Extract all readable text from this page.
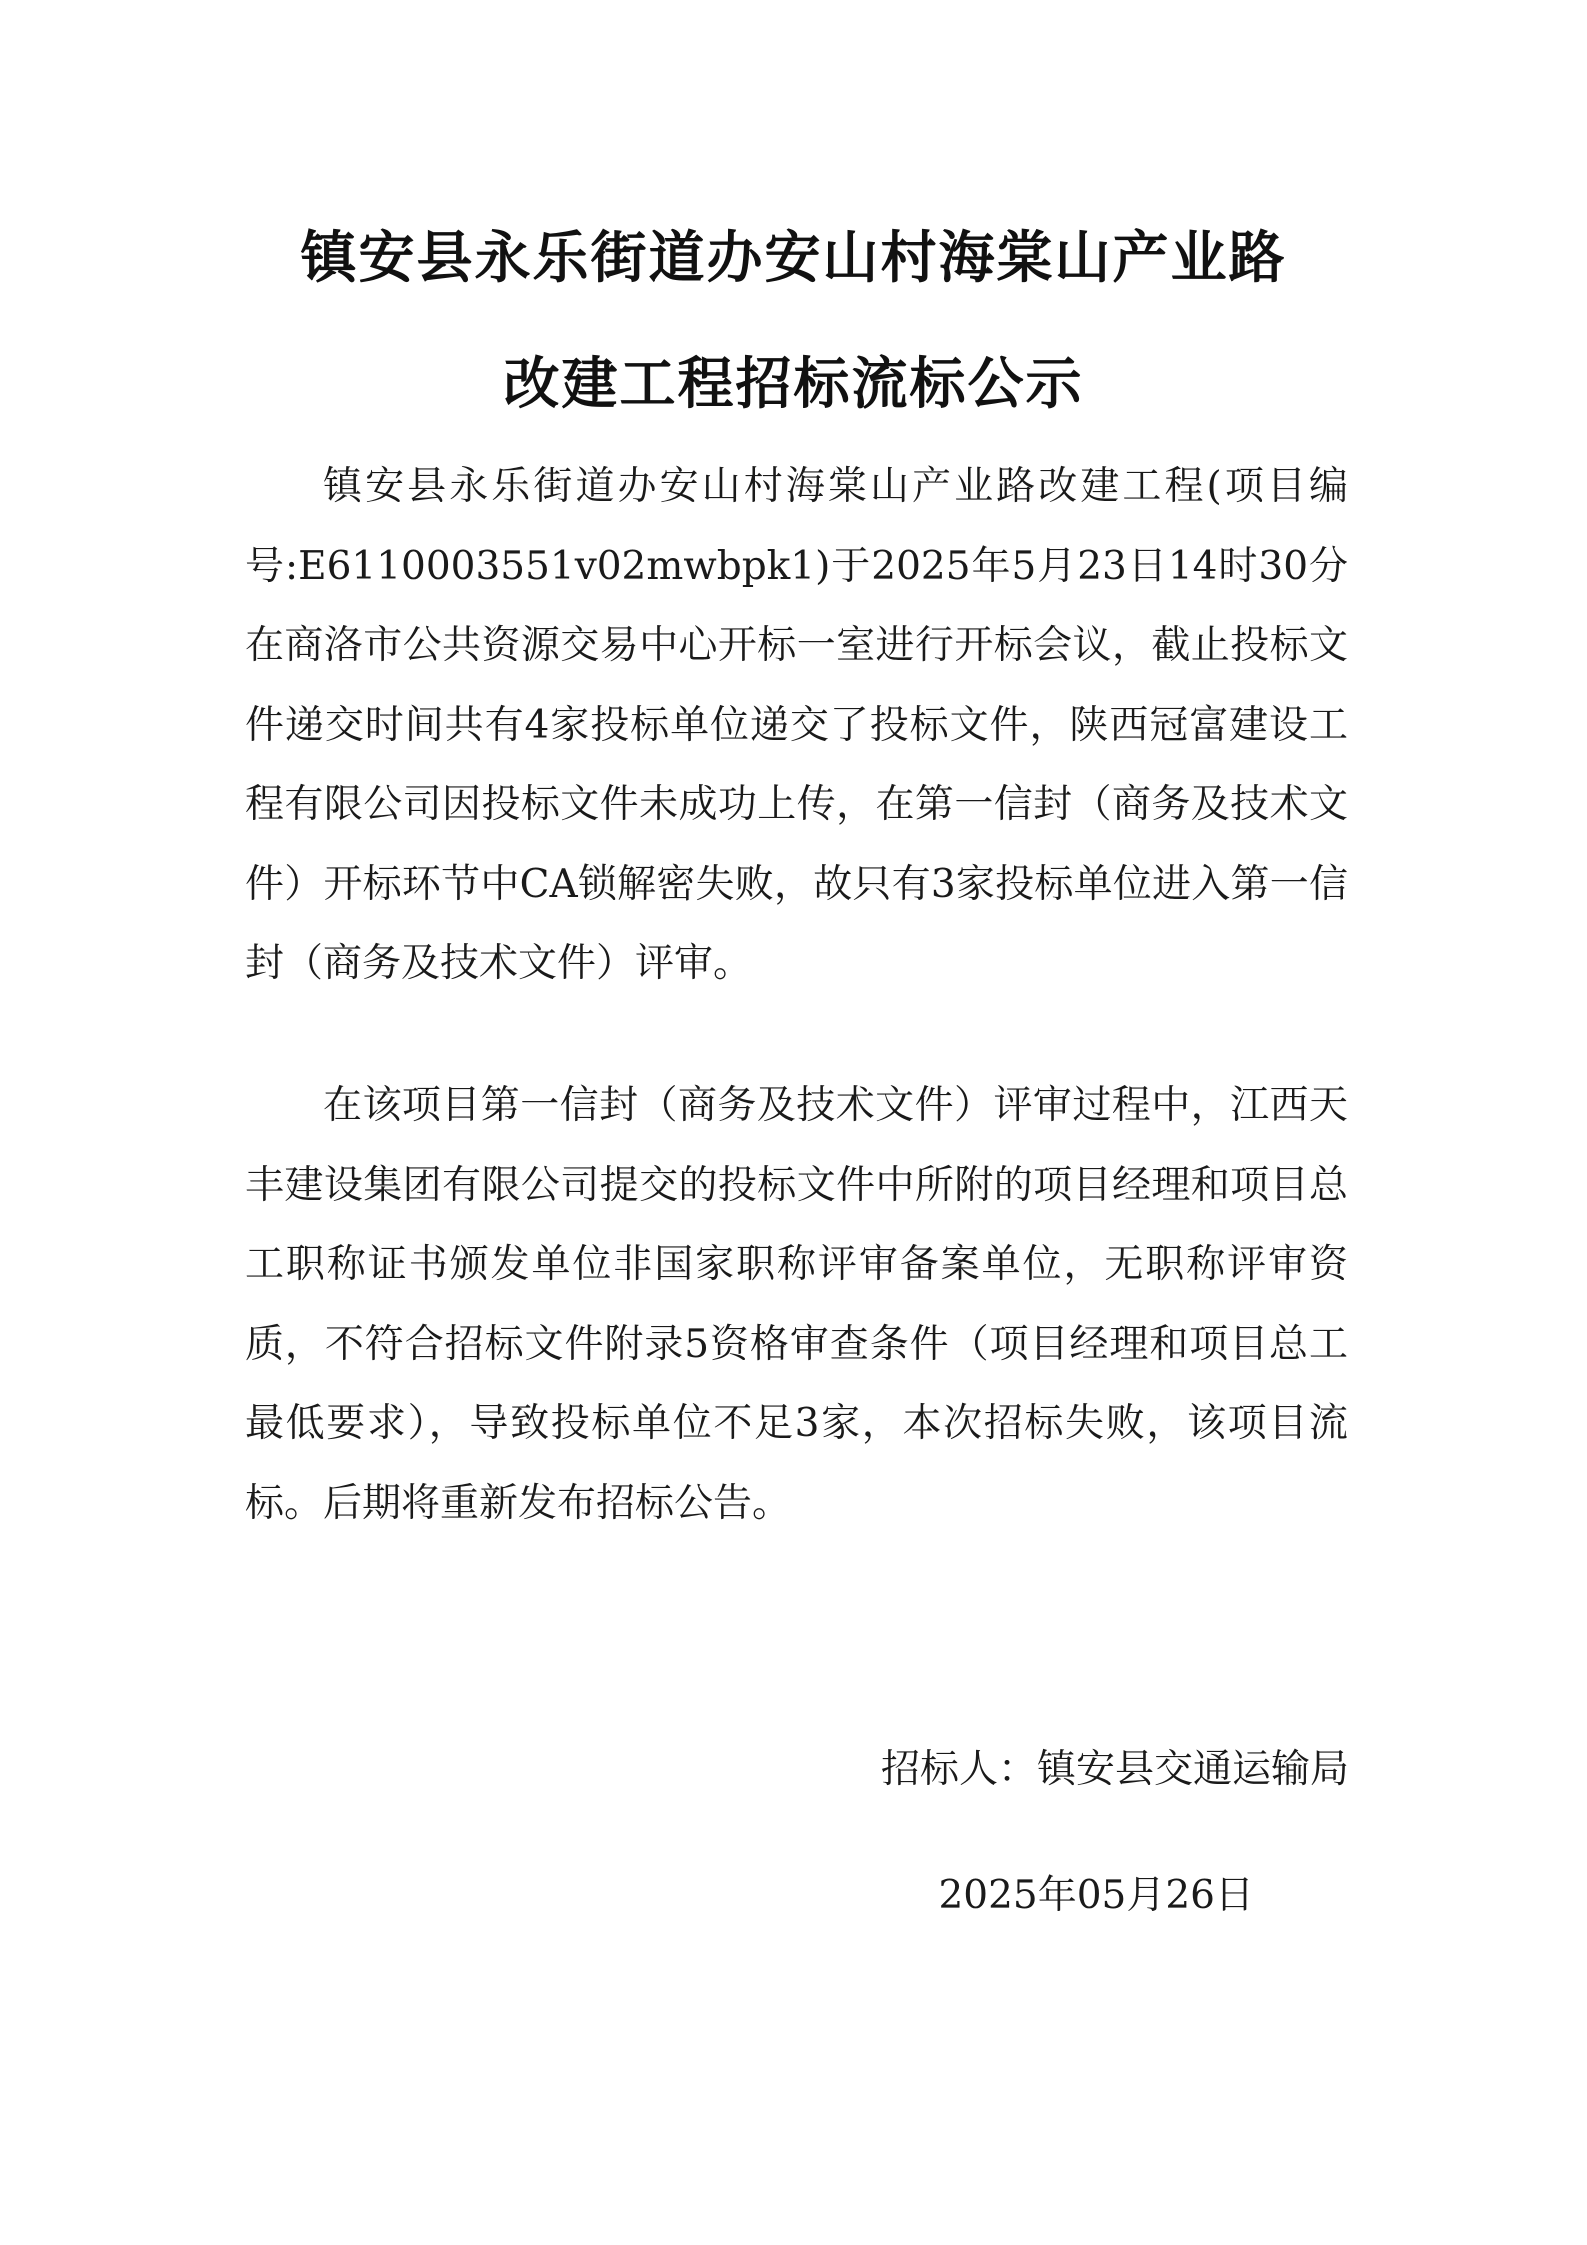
镇安县永乐街道办安山村海棠山产业路
改建工程招标流标公示

镇安县永乐街道办安山村海棠山产业路改建工程(项目编号:E6110003551v02mwbpk1)于2025年5月23日14时30分在商洛市公共资源交易中心开标一室进行开标会议，截止投标文件递交时间共有4家投标单位递交了投标文件，陕西冠富建设工程有限公司因投标文件未成功上传，在第一信封（商务及技术文件）开标环节中CA锁解密失败，故只有3家投标单位进入第一信封（商务及技术文件）评审。

在该项目第一信封（商务及技术文件）评审过程中，江西天丰建设集团有限公司提交的投标文件中所附的项目经理和项目总工职称证书颁发单位非国家职称评审备案单位，无职称评审资质，不符合招标文件附录5资格审查条件（项目经理和项目总工最低要求），导致投标单位不足3家，本次招标失败，该项目流标。后期将重新发布招标公告。

招标人：镇安县交通运输局
2025年05月26日
